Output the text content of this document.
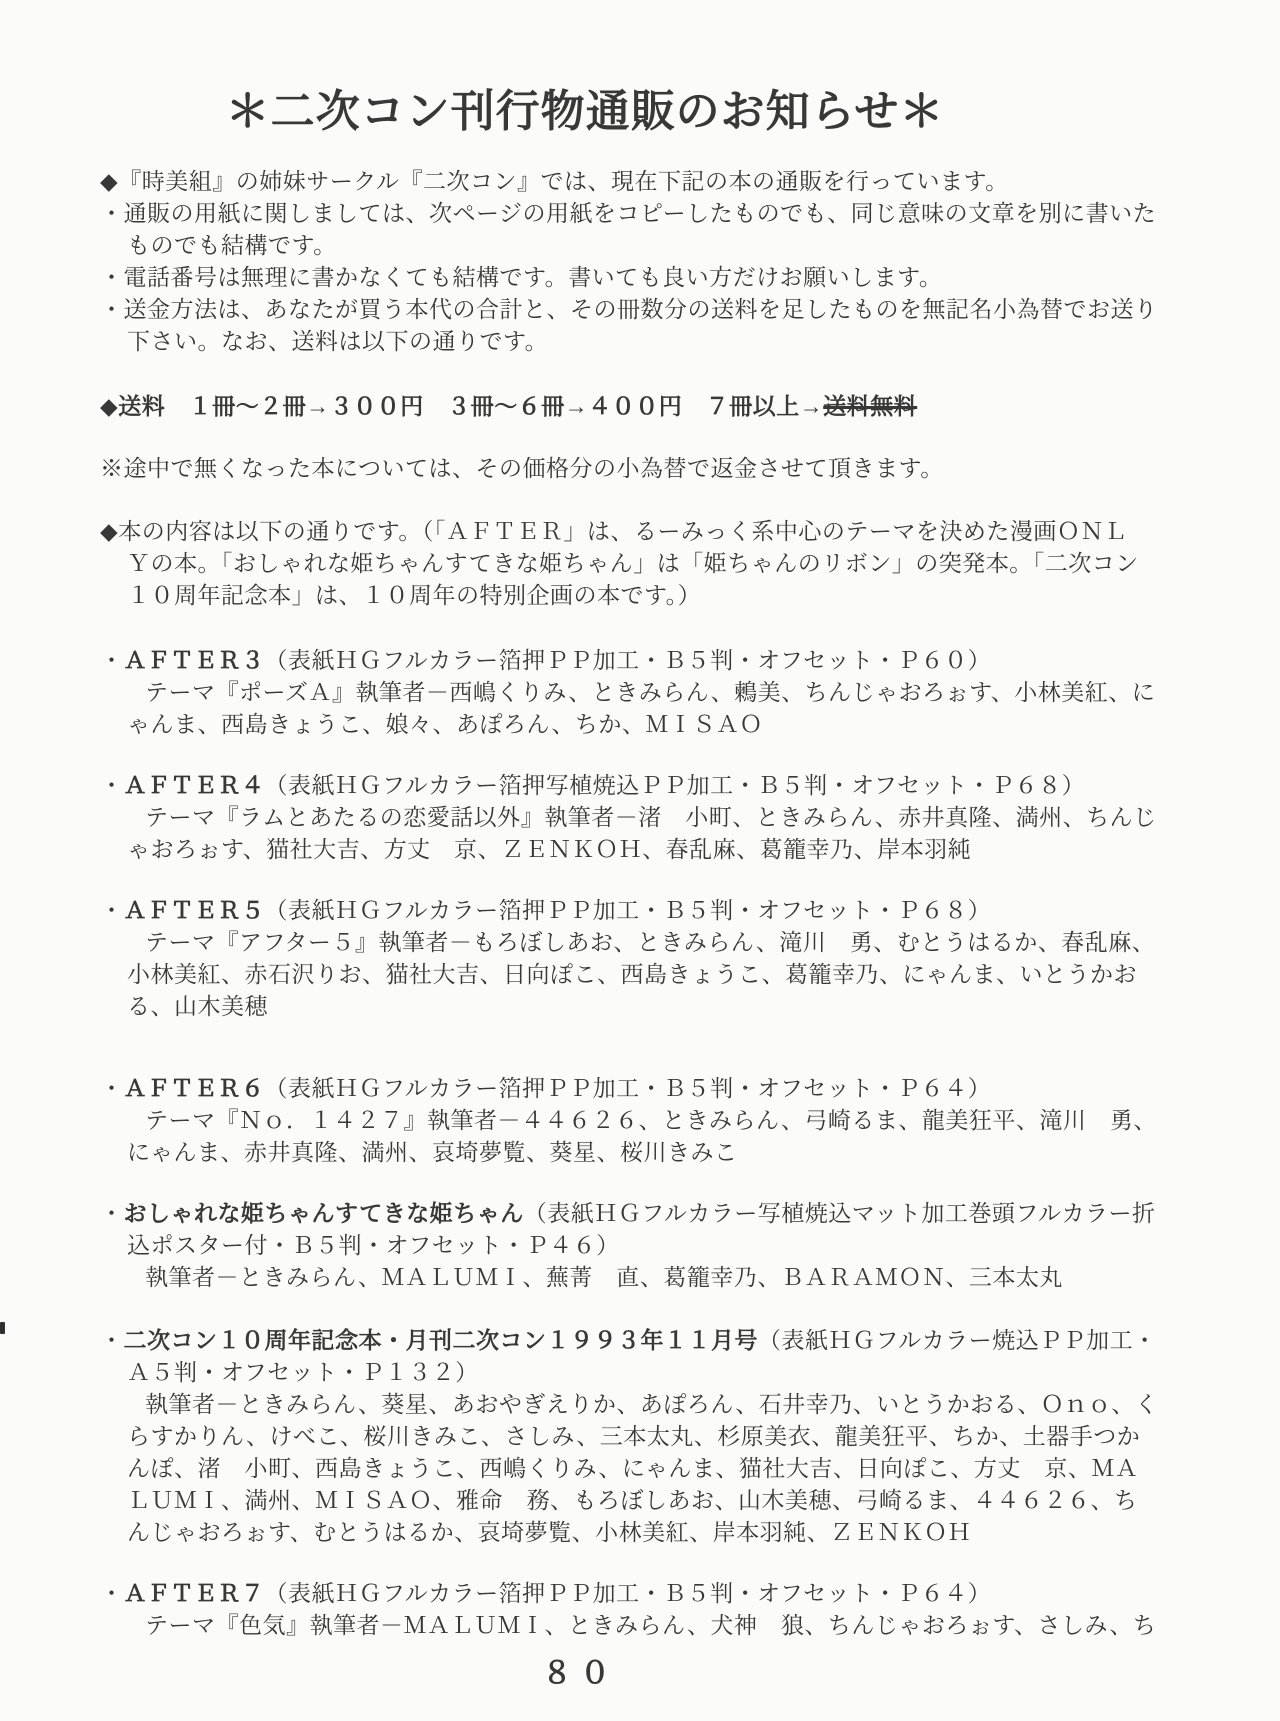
＊二次コン刊行物通販のお知らせ＊
◆『時美組』の姉妹サークル『二次コン』では、現在下記の本の通販を行っています。
・通販の用紙に関しましては、次ページの用紙をコピーしたものでも、同じ意味の文章を別に書いた
ものでも結構です。
・電話番号は無理に書かなくても結構です。書いても良い方だけお願いします。
・送金方法は、あなたが買う本代の合計と、その冊数分の送料を足したものを無記名小為替でお送り
下さい。なお、送料は以下の通りです。
◆送料　１冊～２冊→３００円　３冊～６冊→４００円　７冊以上→送料無料
※途中で無くなった本については、その価格分の小為替で返金させて頂きます。
◆本の内容は以下の通りです。（「ＡＦＴＥＲ」は、るーみっく系中心のテーマを決めた漫画ＯＮＬ
Ｙの本。「おしゃれな姫ちゃんすてきな姫ちゃん」は「姫ちゃんのリボン」の突発本。「二次コン
１０周年記念本」は、１０周年の特別企画の本です。）
・ＡＦＴＥＲ３（表紙ＨＧフルカラー箔押ＰＰ加工・Ｂ５判・オフセット・Ｐ６０）
テーマ『ポーズＡ』執筆者－西嶋くりみ、ときみらん、鶫美、ちんじゃおろぉす、小林美紅、に
ゃんま、西島きょうこ、娘々、あぽろん、ちか、ＭＩＳＡＯ
・ＡＦＴＥＲ４（表紙ＨＧフルカラー箔押写植焼込ＰＰ加工・Ｂ５判・オフセット・Ｐ６８）
テーマ『ラムとあたるの恋愛話以外』執筆者－渚　小町、ときみらん、赤井真隆、満州、ちんじ
ゃおろぉす、猫社大吉、方丈　京、ＺＥＮＫＯＨ、春乱麻、葛籠幸乃、岸本羽純
・ＡＦＴＥＲ５（表紙ＨＧフルカラー箔押ＰＰ加工・Ｂ５判・オフセット・Ｐ６８）
テーマ『アフター５』執筆者－もろぼしあお、ときみらん、滝川　勇、むとうはるか、春乱麻、
小林美紅、赤石沢りお、猫社大吉、日向ぽこ、西島きょうこ、葛籠幸乃、にゃんま、いとうかお
る、山木美穂
・ＡＦＴＥＲ６（表紙ＨＧフルカラー箔押ＰＰ加工・Ｂ５判・オフセット・Ｐ６４）
テーマ『Ｎｏ．１４２７』執筆者－４４６２６、ときみらん、弓崎るま、龍美狂平、滝川　勇、
にゃんま、赤井真隆、満州、哀埼夢覧、葵星、桜川きみこ
・おしゃれな姫ちゃんすてきな姫ちゃん（表紙ＨＧフルカラー写植焼込マット加工巻頭フルカラー折
込ポスター付・Ｂ５判・オフセット・Ｐ４６）
執筆者－ときみらん、ＭＡＬＵＭＩ、蕪菁　直、葛籠幸乃、ＢＡＲＡＭＯＮ、三本太丸
・二次コン１０周年記念本・月刊二次コン１９９３年１１月号（表紙ＨＧフルカラー焼込ＰＰ加工・
Ａ５判・オフセット・Ｐ１３２）
執筆者－ときみらん、葵星、あおやぎえりか、あぽろん、石井幸乃、いとうかおる、Ｏｎｏ、く
らすかりん、けべこ、桜川きみこ、さしみ、三本太丸、杉原美衣、龍美狂平、ちか、土器手つか
んぽ、渚　小町、西島きょうこ、西嶋くりみ、にゃんま、猫社大吉、日向ぽこ、方丈　京、ＭＡ
ＬＵＭＩ、満州、ＭＩＳＡＯ、雅命　務、もろぼしあお、山木美穂、弓崎るま、４４６２６、ち
んじゃおろぉす、むとうはるか、哀埼夢覧、小林美紅、岸本羽純、ＺＥＮＫＯＨ
・ＡＦＴＥＲ７（表紙ＨＧフルカラー箔押ＰＰ加工・Ｂ５判・オフセット・Ｐ６４）
テーマ『色気』執筆者－ＭＡＬＵＭＩ、ときみらん、犬神　狼、ちんじゃおろぉす、さしみ、ち
８０
